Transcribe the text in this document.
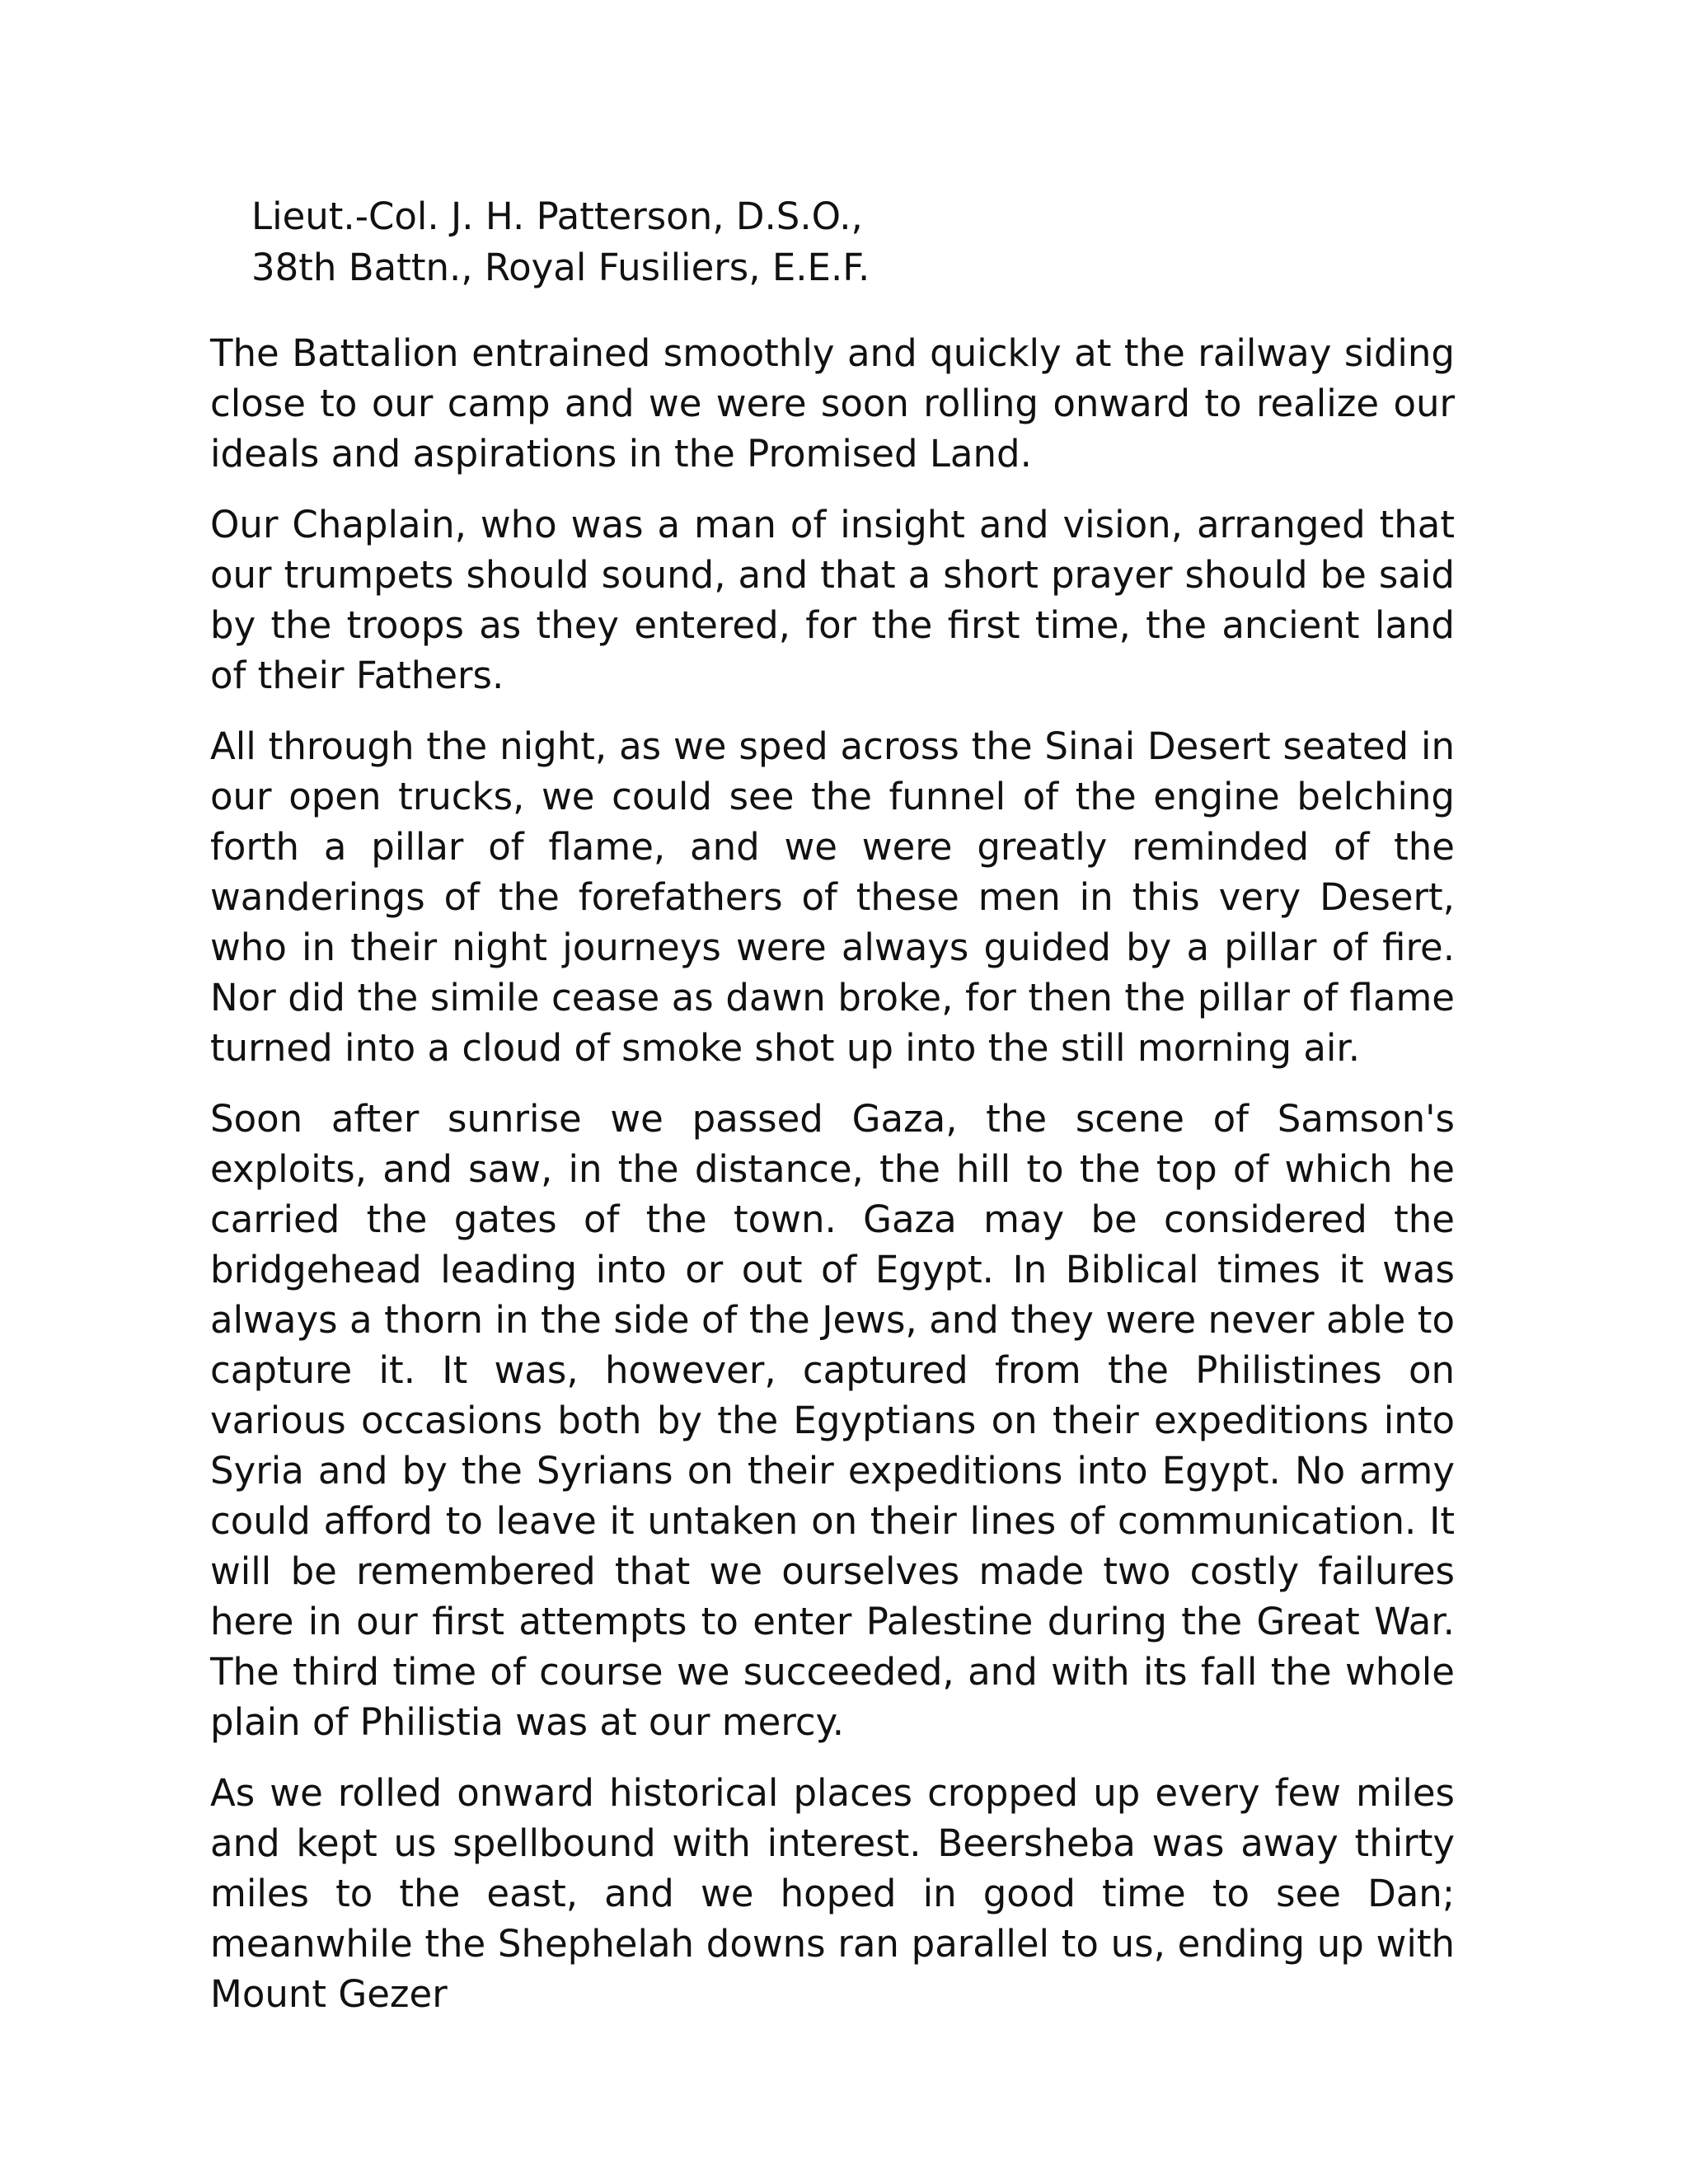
Lieut.-Col. J. H. Patterson, D.S.O.,
38th Battn., Royal Fusiliers, E.E.F.

The Battalion entrained smoothly and quickly at the railway siding close to our camp and we were soon rolling onward to realize our ideals and aspirations in the Promised Land.

Our Chaplain, who was a man of insight and vision, arranged that our trumpets should sound, and that a short prayer should be said by the troops as they entered, for the first time, the ancient land of their Fathers.

All through the night, as we sped across the Sinai Desert seated in our open trucks, we could see the funnel of the engine belching forth a pillar of flame, and we were greatly reminded of the wanderings of the forefathers of these men in this very Desert, who in their night journeys were always guided by a pillar of fire. Nor did the simile cease as dawn broke, for then the pillar of flame turned into a cloud of smoke shot up into the still morning air.

Soon after sunrise we passed Gaza, the scene of Samson's exploits, and saw, in the distance, the hill to the top of which he carried the gates of the town. Gaza may be considered the bridgehead leading into or out of Egypt. In Biblical times it was always a thorn in the side of the Jews, and they were never able to capture it. It was, however, captured from the Philistines on various occasions both by the Egyptians on their expeditions into Syria and by the Syrians on their expeditions into Egypt. No army could afford to leave it untaken on their lines of communication. It will be remembered that we ourselves made two costly failures here in our first attempts to enter Palestine during the Great War. The third time of course we succeeded, and with its fall the whole plain of Philistia was at our mercy.

As we rolled onward historical places cropped up every few miles and kept us spellbound with interest. Beersheba was away thirty miles to the east, and we hoped in good time to see Dan; meanwhile the Shephelah downs ran parallel to us, ending up with Mount Gezer
